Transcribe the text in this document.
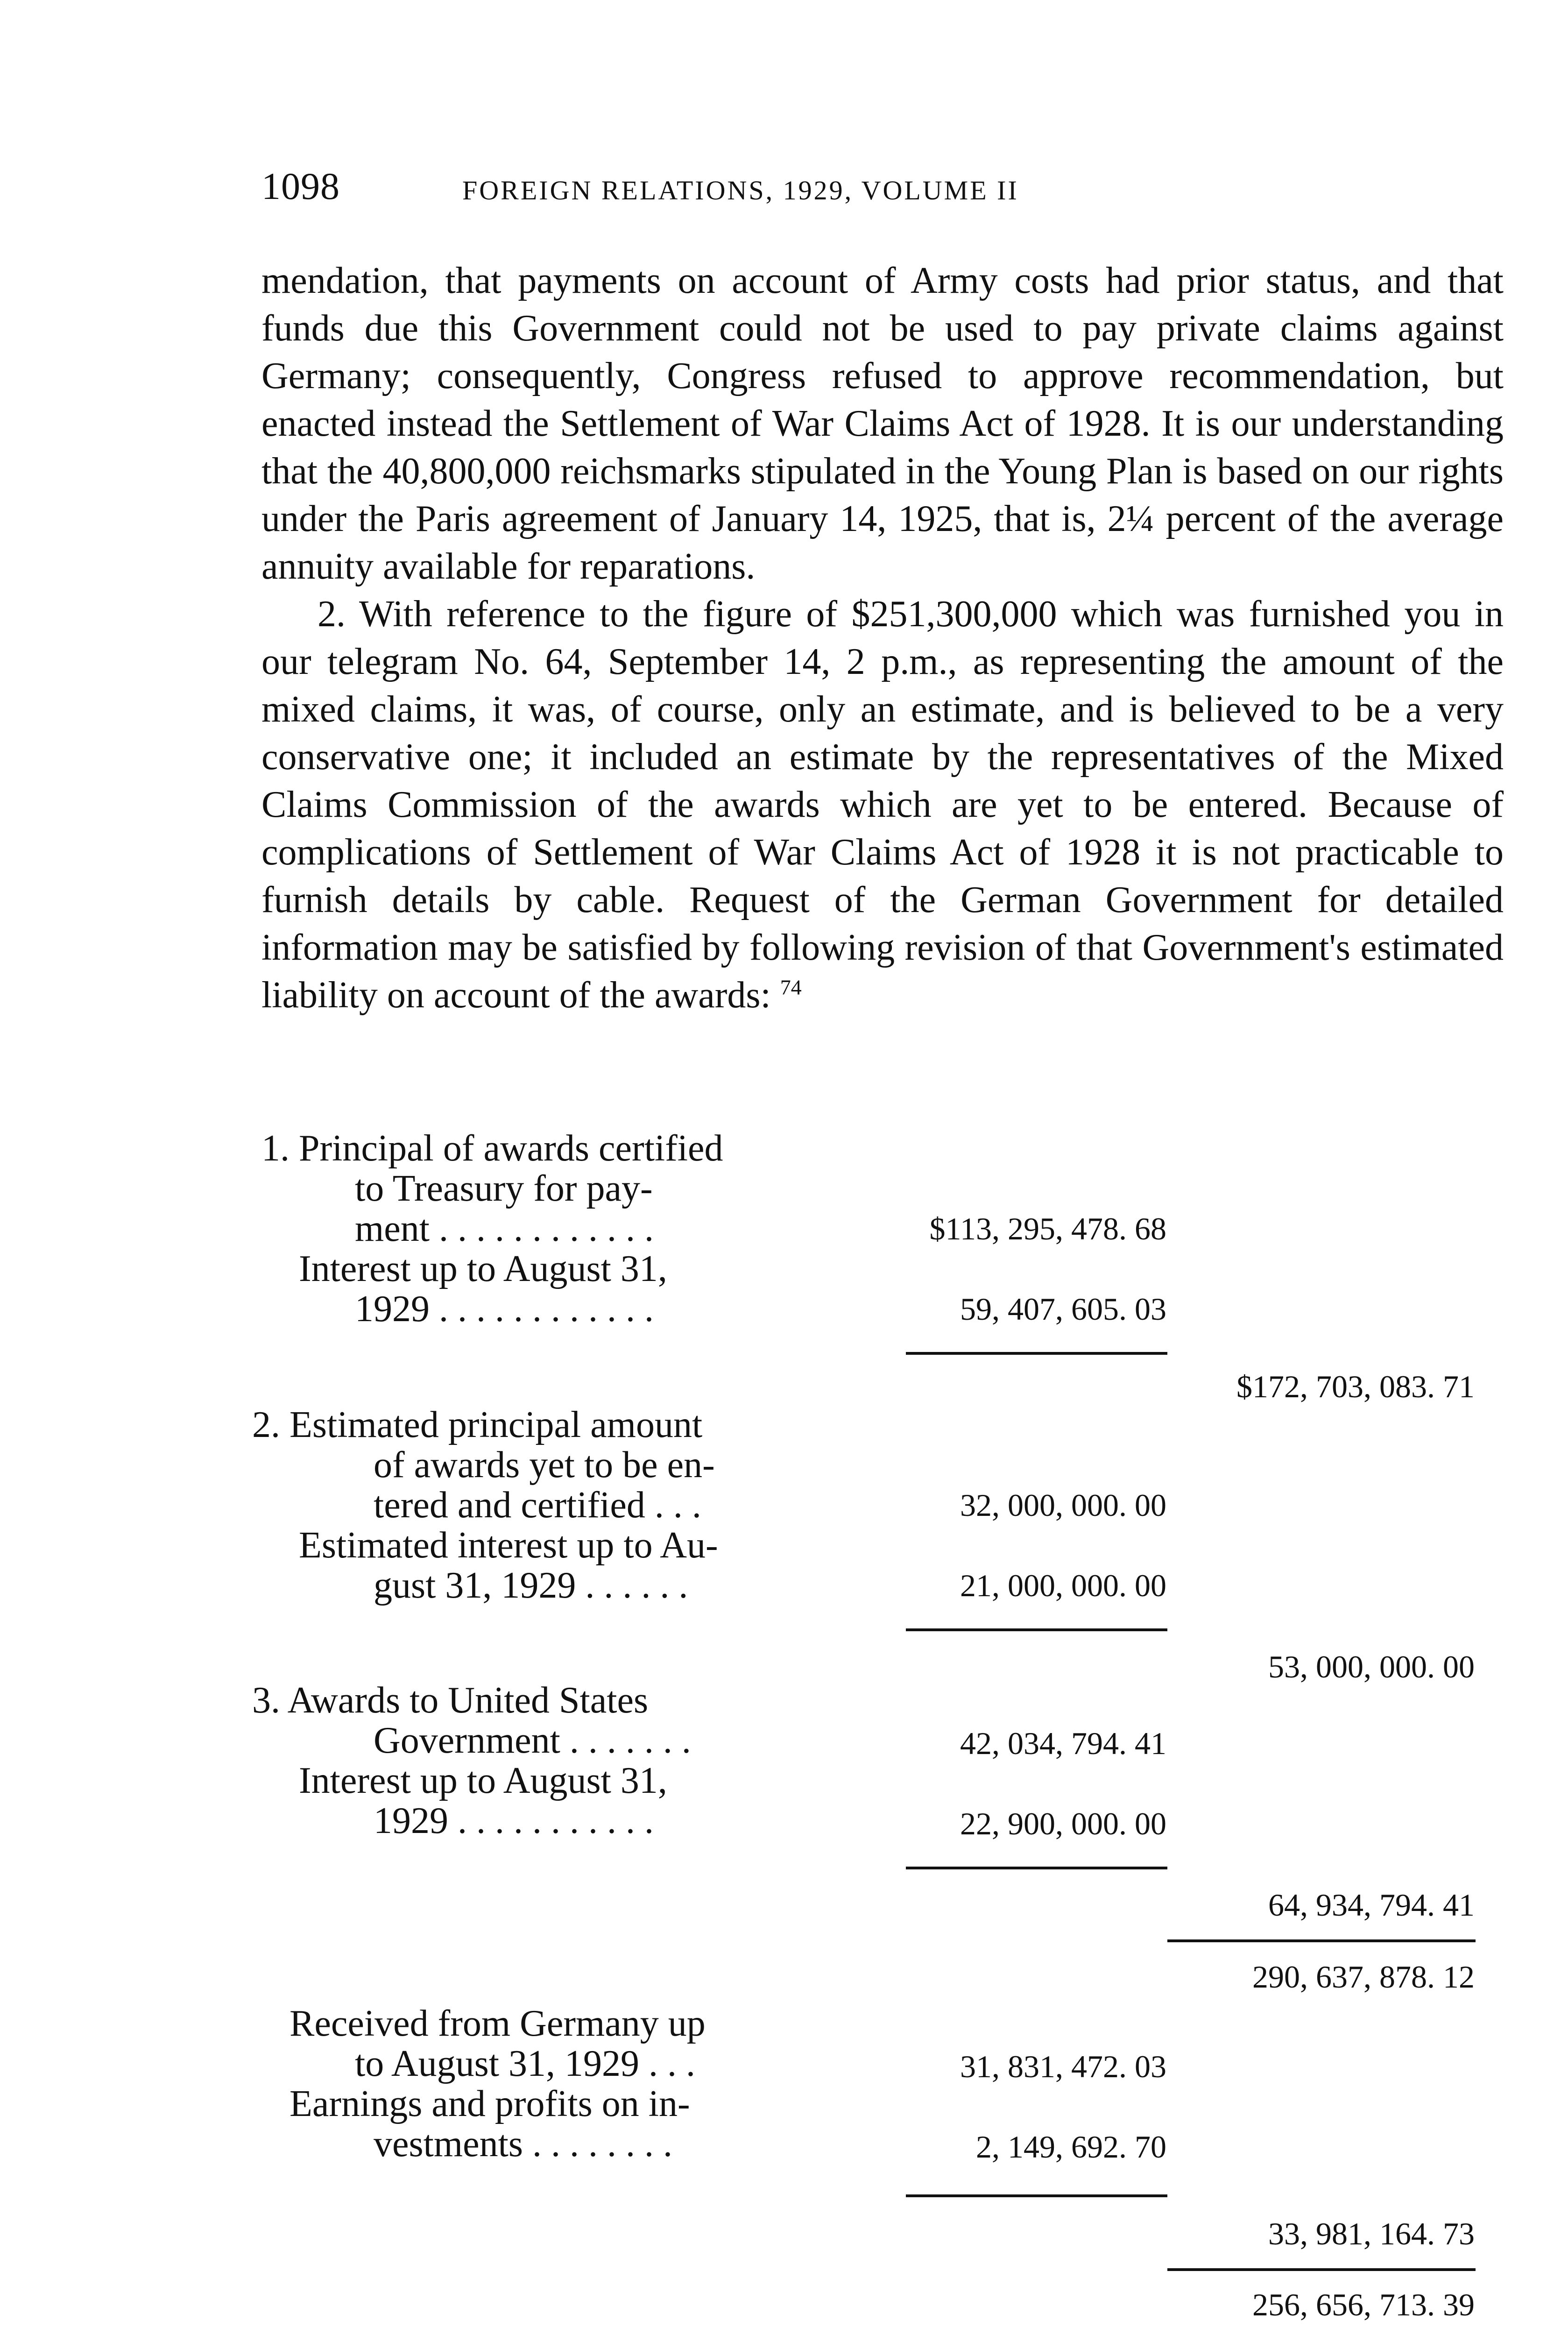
1098	FOREIGN RELATIONS, 1929, VOLUME II

mendation, that payments on account of Army costs had prior status, and that funds due this Government could not be used to pay private claims against Germany; consequently, Congress refused to approve recommendation, but enacted instead the Settlement of War Claims Act of 1928. It is our understanding that the 40,800,000 reichsmarks stipulated in the Young Plan is based on our rights under the Paris agreement of January 14, 1925, that is, 2¼ percent of the average annuity available for reparations.

2. With reference to the figure of $251,300,000 which was furnished you in our telegram No. 64, September 14, 2 p.m., as representing the amount of the mixed claims, it was, of course, only an estimate, and is believed to be a very conservative one; it included an estimate by the representatives of the Mixed Claims Commission of the awards which are yet to be entered. Because of complications of Settlement of War Claims Act of 1928 it is not practicable to furnish details by cable. Request of the German Government for detailed information may be satisfied by following revision of that Government's estimated liability on account of the awards: $^{74}$

1. Principal of awards certified
to Treasury for pay-
ment . . . . . . . . . . . .	$113, 295, 478. 68
Interest up to August 31,
1929 . . . . . . . . . . . .	59, 407, 605. 03
$172, 703, 083. 71
2. Estimated principal amount
of awards yet to be en-
tered and certified . . .	32, 000, 000. 00
Estimated interest up to Au-
gust 31, 1929 . . . . . .	21, 000, 000. 00
53, 000, 000. 00
3. Awards to United States
Government . . . . . . .	42, 034, 794. 41
Interest up to August 31,
1929 . . . . . . . . . . .	22, 900, 000. 00
64, 934, 794. 41
290, 637, 878. 12
Received from Germany up
to August 31, 1929 . . .	31, 831, 472. 03
Earnings and profits on in-
vestments . . . . . . . .	2, 149, 692. 70
33, 981, 164. 73
256, 656, 713. 39
